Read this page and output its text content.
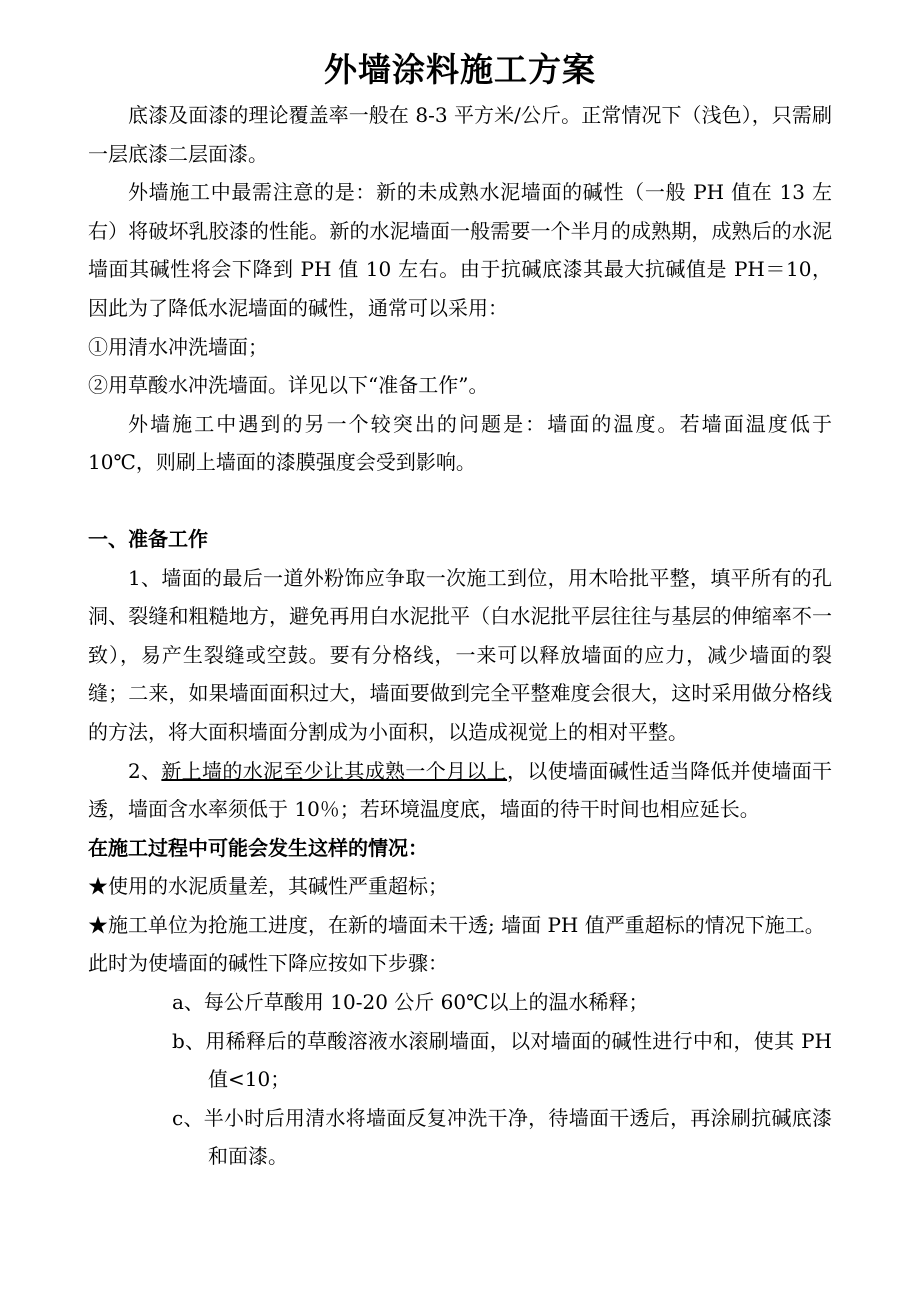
外墙涂料施工方案

底漆及面漆的理论覆盖率一般在 8-3 平方米/公斤。正常情况下（浅色），只需刷一层底漆二层面漆。

外墙施工中最需注意的是：新的未成熟水泥墙面的碱性（一般 PH 值在 13 左右）将破坏乳胶漆的性能。新的水泥墙面一般需要一个半月的成熟期，成熟后的水泥墙面其碱性将会下降到 PH 值 10 左右。由于抗碱底漆其最大抗碱值是 PH＝10，因此为了降低水泥墙面的碱性，通常可以采用：

①用清水冲洗墙面；

②用草酸水冲洗墙面。详见以下“准备工作”。

外墙施工中遇到的另一个较突出的问题是：墙面的温度。若墙面温度低于 10℃，则刷上墙面的漆膜强度会受到影响。

一、准备工作

1、墙面的最后一道外粉饰应争取一次施工到位，用木哈批平整，填平所有的孔洞、裂缝和粗糙地方，避免再用白水泥批平（白水泥批平层往往与基层的伸缩率不一致），易产生裂缝或空鼓。要有分格线，一来可以释放墙面的应力，减少墙面的裂缝；二来，如果墙面面积过大，墙面要做到完全平整难度会很大，这时采用做分格线的方法，将大面积墙面分割成为小面积，以造成视觉上的相对平整。

2、新上墙的水泥至少让其成熟一个月以上，以使墙面碱性适当降低并使墙面干透，墙面含水率须低于 10％；若环境温度底，墙面的待干时间也相应延长。

在施工过程中可能会发生这样的情况：

★使用的水泥质量差，其碱性严重超标；

★施工单位为抢施工进度，在新的墙面未干透; 墙面 PH 值严重超标的情况下施工。

此时为使墙面的碱性下降应按如下步骤：

a、每公斤草酸用 10-20 公斤 60℃以上的温水稀释；

b、用稀释后的草酸溶液水滚刷墙面，以对墙面的碱性进行中和，使其 PH 值<10；

c、半小时后用清水将墙面反复冲洗干净，待墙面干透后，再涂刷抗碱底漆和面漆。
